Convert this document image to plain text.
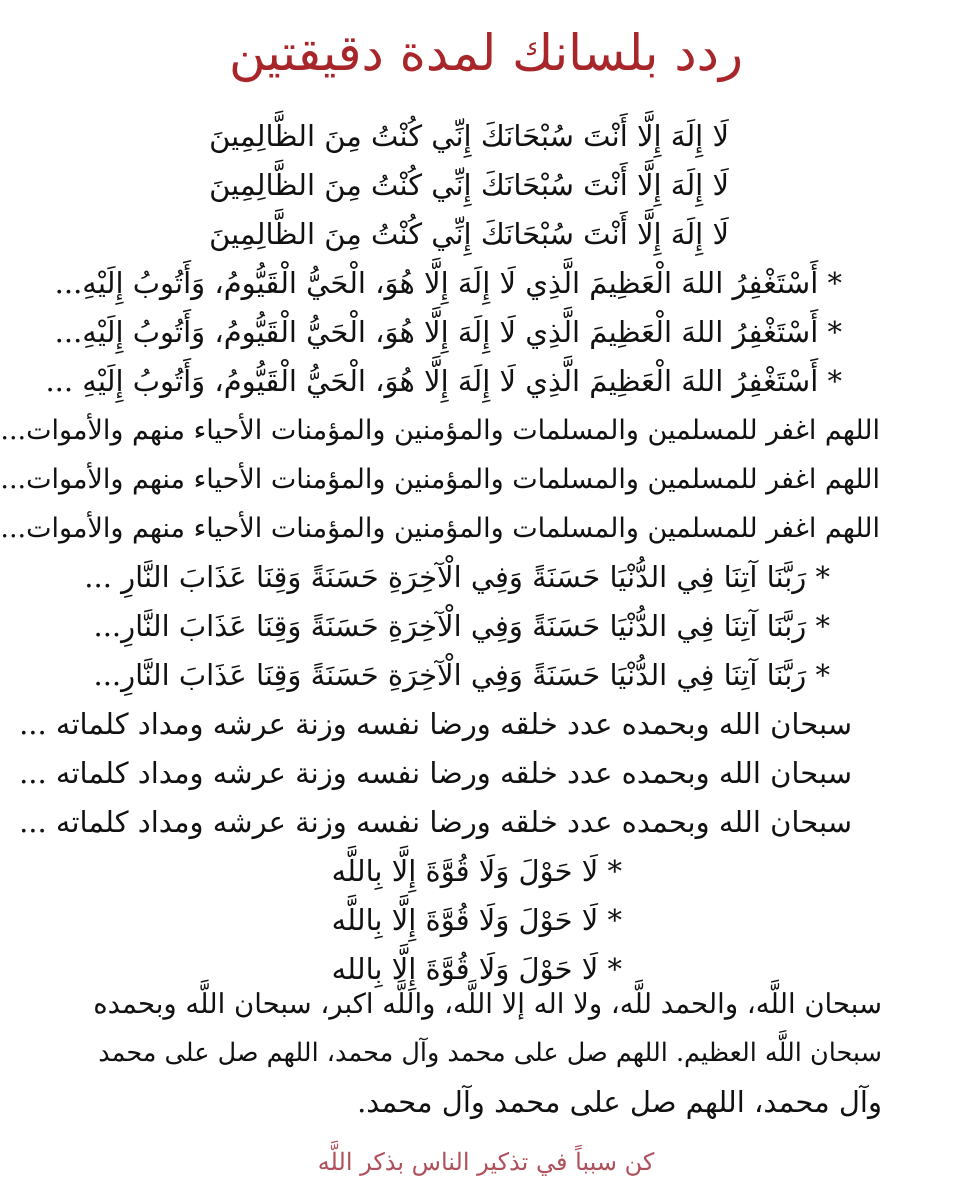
ردد بلسانك لمدة دقيقتين
لَا إِلَهَ إِلَّا أَنْتَ سُبْحَانَكَ إِنِّي كُنْتُ مِنَ الظَّالِمِينَ
لَا إِلَهَ إِلَّا أَنْتَ سُبْحَانَكَ إِنِّي كُنْتُ مِنَ الظَّالِمِينَ
لَا إِلَهَ إِلَّا أَنْتَ سُبْحَانَكَ إِنِّي كُنْتُ مِنَ الظَّالِمِينَ
* أَسْتَغْفِرُ اللهَ الْعَظِيمَ الَّذِي لَا إِلَهَ إِلَّا هُوَ، الْحَيُّ الْقَيُّومُ، وَأَتُوبُ إِلَيْهِ...
* أَسْتَغْفِرُ اللهَ الْعَظِيمَ الَّذِي لَا إِلَهَ إِلَّا هُوَ، الْحَيُّ الْقَيُّومُ، وَأَتُوبُ إِلَيْهِ...
* أَسْتَغْفِرُ اللهَ الْعَظِيمَ الَّذِي لَا إِلَهَ إِلَّا هُوَ، الْحَيُّ الْقَيُّومُ، وَأَتُوبُ إِلَيْهِ ...
اللهم اغفر للمسلمين والمسلمات والمؤمنين والمؤمنات الأحياء منهم والأموات...
اللهم اغفر للمسلمين والمسلمات والمؤمنين والمؤمنات الأحياء منهم والأموات...
اللهم اغفر للمسلمين والمسلمات والمؤمنين والمؤمنات الأحياء منهم والأموات...
* رَبَّنَا آتِنَا فِي الدُّنْيَا حَسَنَةً وَفِي الْآخِرَةِ حَسَنَةً وَقِنَا عَذَابَ النَّارِ ...
* رَبَّنَا آتِنَا فِي الدُّنْيَا حَسَنَةً وَفِي الْآخِرَةِ حَسَنَةً وَقِنَا عَذَابَ النَّارِ...
* رَبَّنَا آتِنَا فِي الدُّنْيَا حَسَنَةً وَفِي الْآخِرَةِ حَسَنَةً وَقِنَا عَذَابَ النَّارِ...
سبحان الله وبحمده عدد خلقه ورضا نفسه وزنة عرشه ومداد كلماته ...
سبحان الله وبحمده عدد خلقه ورضا نفسه وزنة عرشه ومداد كلماته ...
سبحان الله وبحمده عدد خلقه ورضا نفسه وزنة عرشه ومداد كلماته ...
* لَا حَوْلَ وَلَا قُوَّةَ إِلَّا بِاللَّه
* لَا حَوْلَ وَلَا قُوَّةَ إِلَّا بِاللَّه
* لَا حَوْلَ وَلَا قُوَّةَ إِلَّا بِالله

سبحان اللَّه، والحمد للَّه، ولا اله إلا اللَّه، واللَّه اكبر، سبحان اللَّه وبحمده
سبحان اللَّه العظيم. اللهم صل على محمد وآل محمد، اللهم صل على محمد
وآل محمد، اللهم صل على محمد وآل محمد.

كن سبباً في تذكير الناس بذكر اللَّه
